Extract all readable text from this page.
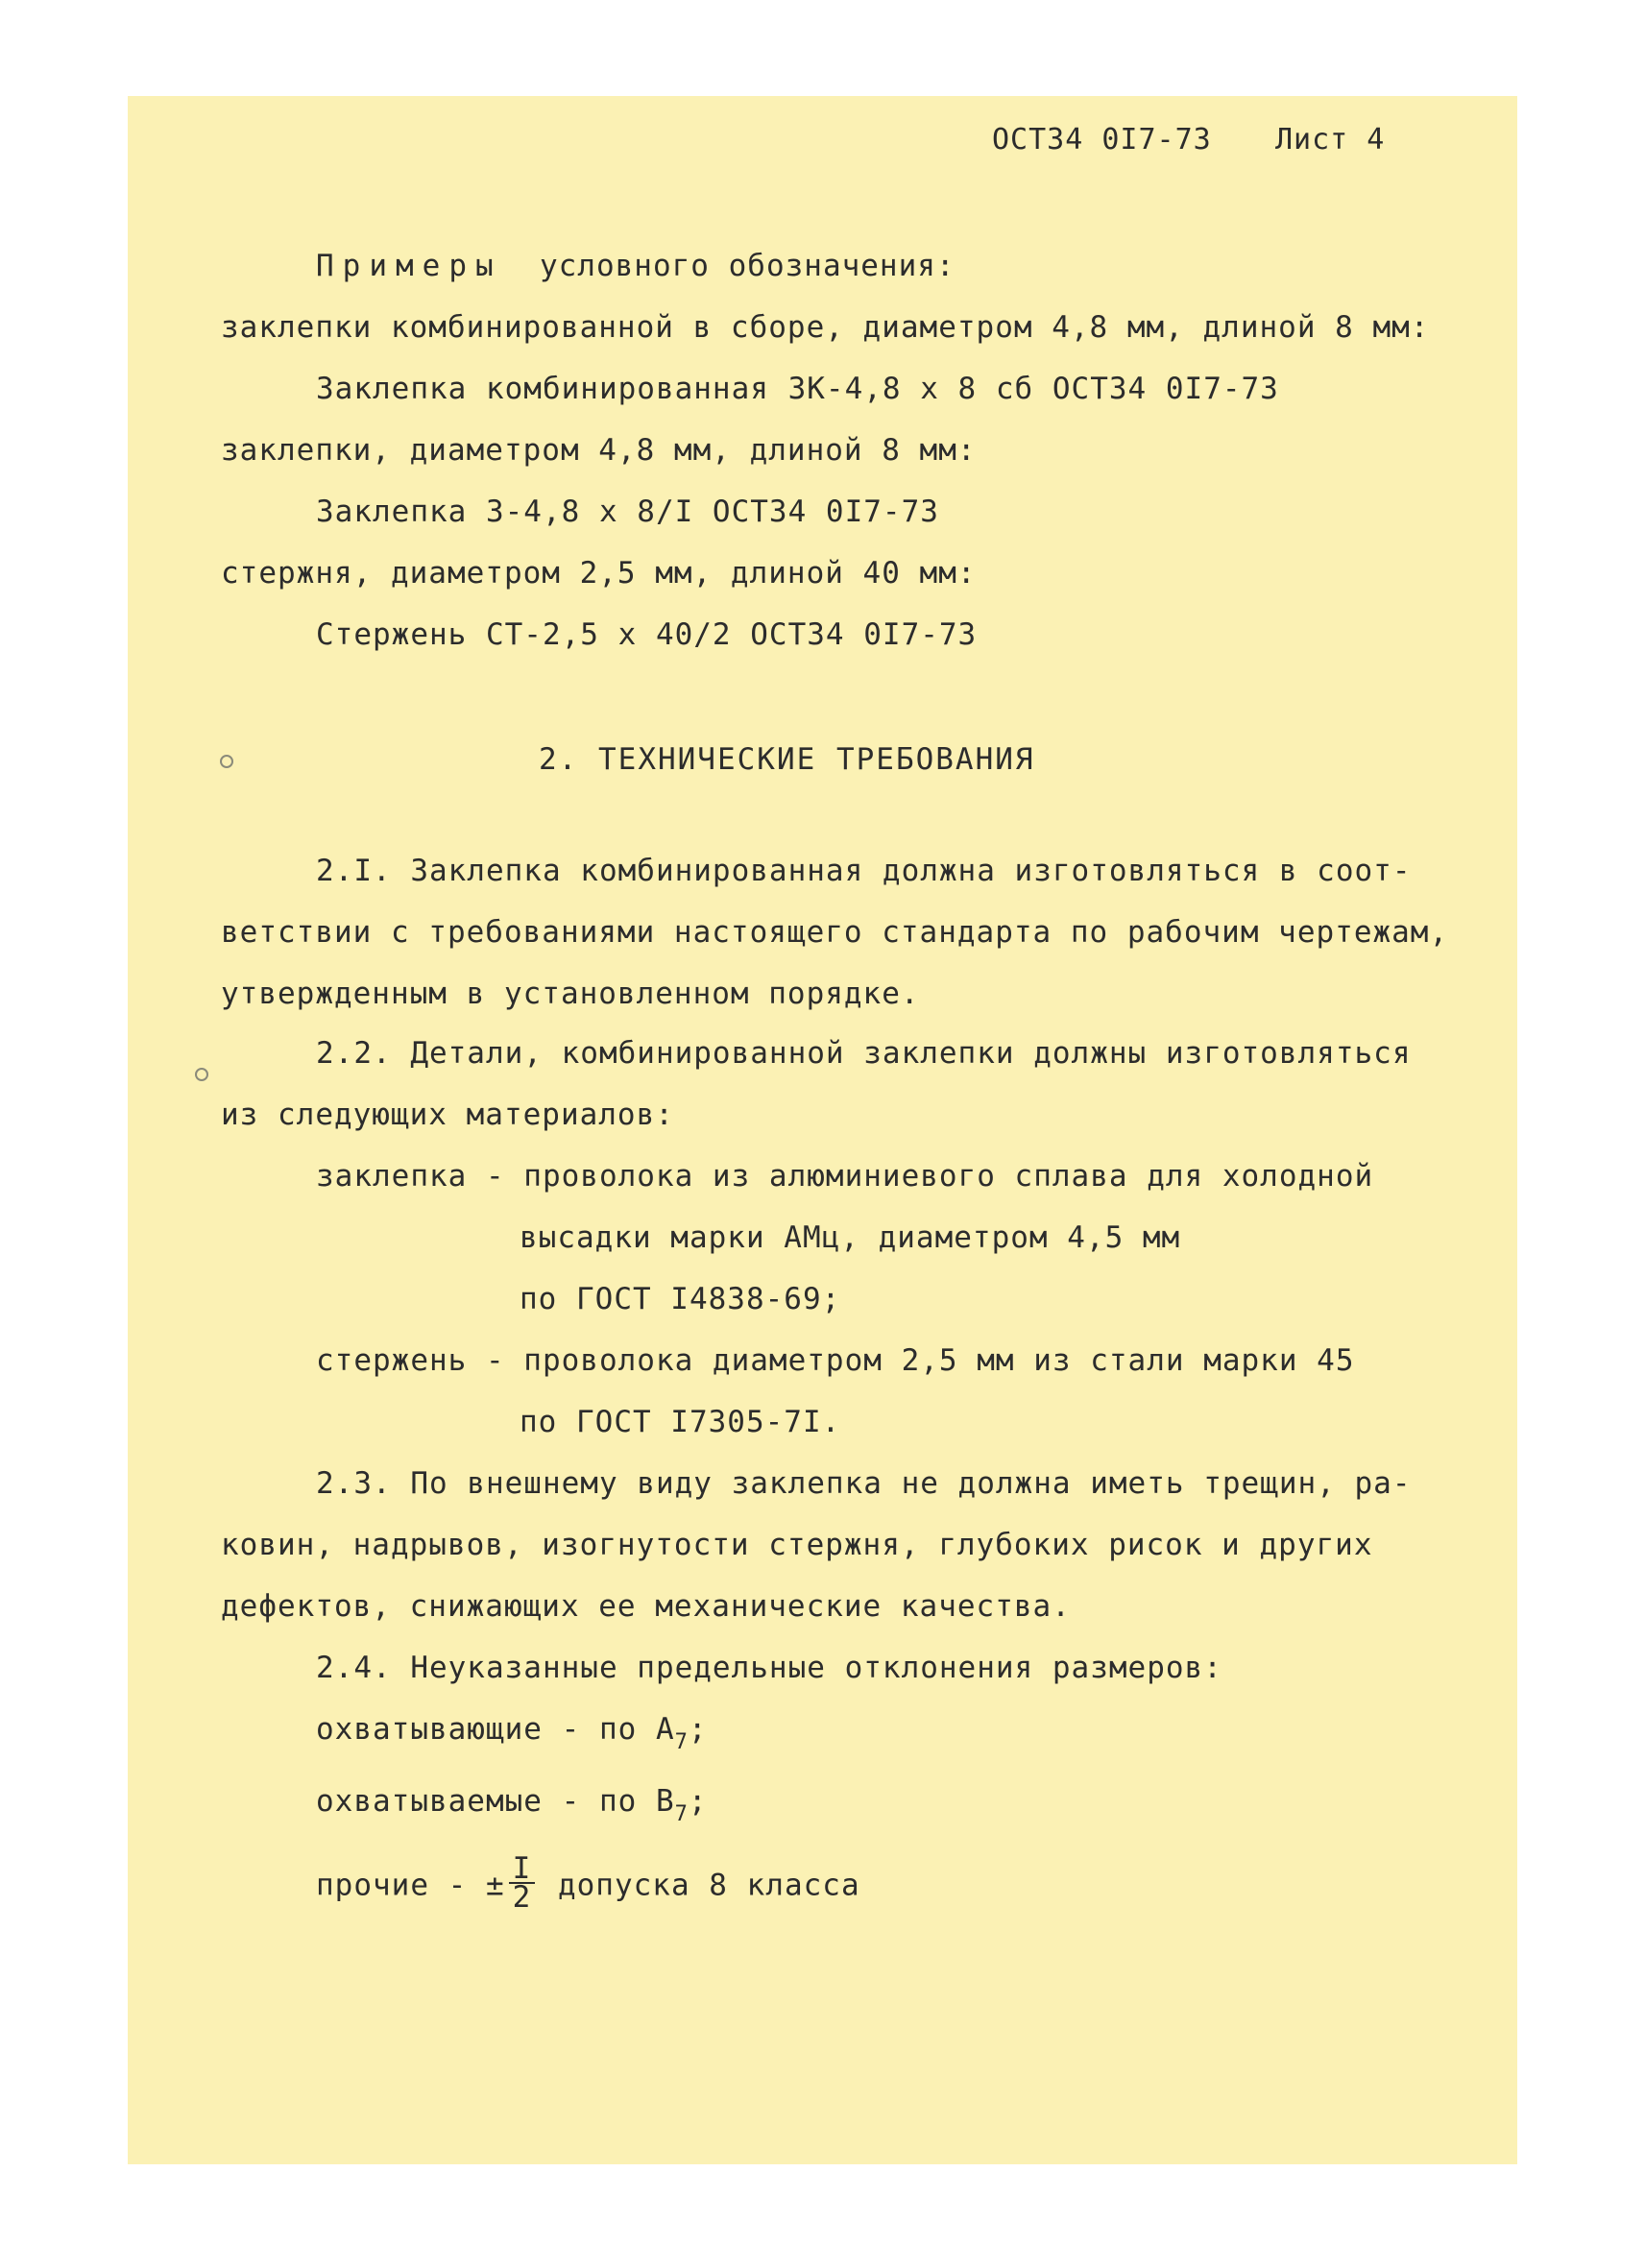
ОСТ34 0I7-73 Лист 4
Примеры условного обозначения:
заклепки комбинированной в сборе, диаметром 4,8 мм, длиной 8 мм:
Заклепка комбинированная ЗК-4,8 х 8 сб ОСТ34 0I7-73
заклепки, диаметром 4,8 мм, длиной 8 мм:
Заклепка З-4,8 х 8/I ОСТ34 0I7-73
стержня, диаметром 2,5 мм, длиной 40 мм:
Стержень СТ-2,5 х 40/2 ОСТ34 0I7-73
2. ТЕХНИЧЕСКИЕ ТРЕБОВАНИЯ
2.I. Заклепка комбинированная должна изготовляться в соот-
ветствии с требованиями настоящего стандарта по рабочим чертежам,
утвержденным в установленном порядке.
2.2. Детали, комбинированной заклепки должны изготовляться
из следующих материалов:
заклепка - проволока из алюминиевого сплава для холодной
высадки марки АМц, диаметром 4,5 мм
по ГОСТ I4838-69;
стержень - проволока диаметром 2,5 мм из стали марки 45
по ГОСТ I7305-7I.
2.3. По внешнему виду заклепка не должна иметь трещин, ра-
ковин, надрывов, изогнутости стержня, глубоких рисок и других
дефектов, снижающих ее механические качества.
2.4. Неуказанные предельные отклонения размеров:
охватывающие - по $А_7$;
охватываемые - по $В_7$;
прочие - ± $\frac{I}{2}$ допуска 8 класса
